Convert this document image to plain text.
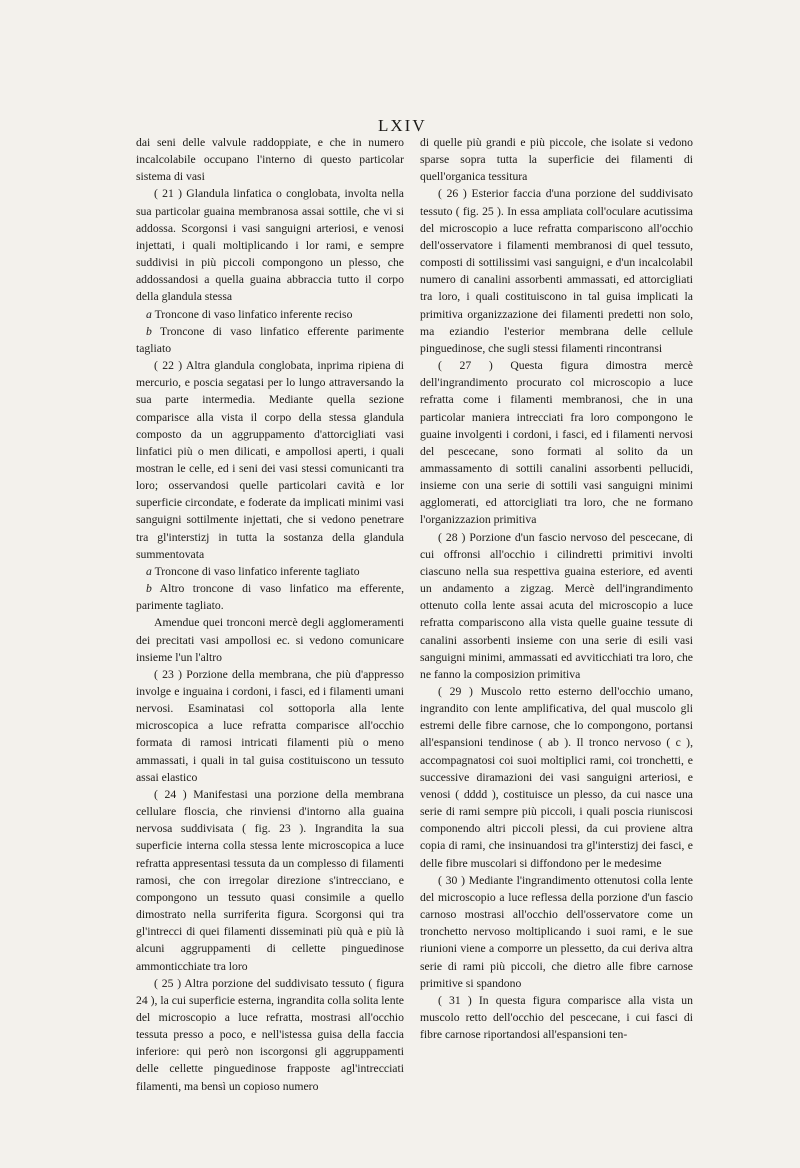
LXIV

dai seni delle valvule raddoppiate, e che in numero incalcolabile occupano l'interno di questo particolar sistema di vasi

( 21 ) Glandula linfatica o conglobata, involta nella sua particolar guaina membranosa assai sottile, che vi si addossa. Scorgonsi i vasi sanguigni arteriosi, e venosi injettati, i quali moltiplicando i lor rami, e sempre suddivisi in più piccoli compongono un plesso, che addossandosi a quella guaina abbraccia tutto il corpo della glandula stessa

a Troncone di vaso linfatico inferente reciso

b Troncone di vaso linfatico efferente parimente tagliato

( 22 ) Altra glandula conglobata, inprima ripiena di mercurio, e poscia segatasi per lo lungo attraversando la sua parte intermedia. Mediante quella sezione comparisce alla vista il corpo della stessa glandula composto da un aggruppamento d'attorcigliati vasi linfatici più o men dilicati, e ampollosi aperti, i quali mostran le celle, ed i seni dei vasi stessi comunicanti tra loro; osservandosi quelle particolari cavità e lor superficie circondate, e foderate da implicati minimi vasi sanguigni sottilmente injettati, che si vedono penetrare tra gl'interstizj in tutta la sostanza della glandula summentovata

a Troncone di vaso linfatico inferente tagliato

b Altro troncone di vaso linfatico ma efferente, parimente tagliato.

Amendue quei tronconi mercè degli agglomeramenti dei precitati vasi ampollosi ec. si vedono comunicare insieme l'un l'altro

( 23 ) Porzione della membrana, che più d'appresso involge e inguaina i cordoni, i fasci, ed i filamenti umani nervosi. Esaminatasi col sottoporla alla lente microscopica a luce refratta comparisce all'occhio formata di ramosi intricati filamenti più o meno ammassati, i quali in tal guisa costituiscono un tessuto assai elastico

( 24 ) Manifestasi una porzione della membrana cellulare floscia, che rinviensi d'intorno alla guaina nervosa suddivisata ( fig. 23 ). Ingrandita la sua superficie interna colla stessa lente microscopica a luce refratta appresentasi tessuta da un complesso di filamenti ramosi, che con irregolar direzione s'intrecciano, e compongono un tessuto quasi consimile a quello dimostrato nella surriferita figura. Scorgonsi qui tra gl'intrecci di quei filamenti disseminati più quà e più là alcuni aggruppamenti di cellette pinguedinose ammonticchiate tra loro

( 25 ) Altra porzione del suddivisato tessuto ( figura 24 ), la cui superficie esterna, ingrandita colla solita lente del microscopio a luce refratta, mostrasi all'occhio tessuta presso a poco, e nell'istessa guisa della faccia inferiore: qui però non iscorgonsi gli aggruppamenti delle cellette pinguedinose frapposte agl'intrecciati filamenti, ma bensì un copioso numero

di quelle più grandi e più piccole, che isolate si vedono sparse sopra tutta la superficie dei filamenti di quell'organica tessitura

( 26 ) Esterior faccia d'una porzione del suddivisato tessuto ( fig. 25 ). In essa ampliata coll'oculare acutissima del microscopio a luce refratta compariscono all'occhio dell'osservatore i filamenti membranosi di quel tessuto, composti di sottilissimi vasi sanguigni, e d'un incalcolabil numero di canalini assorbenti ammassati, ed attorcigliati tra loro, i quali costituiscono in tal guisa implicati la primitiva organizzazione dei filamenti predetti non solo, ma eziandio l'esterior membrana delle cellule pinguedinose, che sugli stessi filamenti rincontransi

( 27 ) Questa figura dimostra mercè dell'ingrandimento procurato col microscopio a luce refratta come i filamenti membranosi, che in una particolar maniera intrecciati fra loro compongono le guaine involgenti i cordoni, i fasci, ed i filamenti nervosi del pescecane, sono formati al solito da un ammassamento di sottili canalini assorbenti pellucidi, insieme con una serie di sottili vasi sanguigni minimi agglomerati, ed attorcigliati tra loro, che ne formano l'organizzazion primitiva

( 28 ) Porzione d'un fascio nervoso del pescecane, di cui offronsi all'occhio i cilindretti primitivi involti ciascuno nella sua respettiva guaina esteriore, ed aventi un andamento a zigzag. Mercè dell'ingrandimento ottenuto colla lente assai acuta del microscopio a luce refratta compariscono alla vista quelle guaine tessute di canalini assorbenti insieme con una serie di esili vasi sanguigni minimi, ammassati ed avviticchiati tra loro, che ne fanno la composizion primitiva

( 29 ) Muscolo retto esterno dell'occhio umano, ingrandito con lente amplificativa, del qual muscolo gli estremi delle fibre carnose, che lo compongono, portansi all'espansioni tendinose ( ab ). Il tronco nervoso ( c ), accompagnatosi coi suoi moltiplici rami, coi tronchetti, e successive diramazioni dei vasi sanguigni arteriosi, e venosi ( dddd ), costituisce un plesso, da cui nasce una serie di rami sempre più piccoli, i quali poscia riuniscosi componendo altri piccoli plessi, da cui proviene altra copia di rami, che insinuandosi tra gl'interstizj dei fasci, e delle fibre muscolari si diffondono per le medesime

( 30 ) Mediante l'ingrandimento ottenutosi colla lente del microscopio a luce reflessa della porzione d'un fascio carnoso mostrasi all'occhio dell'osservatore come un tronchetto nervoso moltiplicando i suoi rami, e le sue riunioni viene a comporre un plessetto, da cui deriva altra serie di rami più piccoli, che dietro alle fibre carnose primitive si spandono

( 31 ) In questa figura comparisce alla vista un muscolo retto dell'occhio del pescecane, i cui fasci di fibre carnose riportandosi all'espansioni ten-
